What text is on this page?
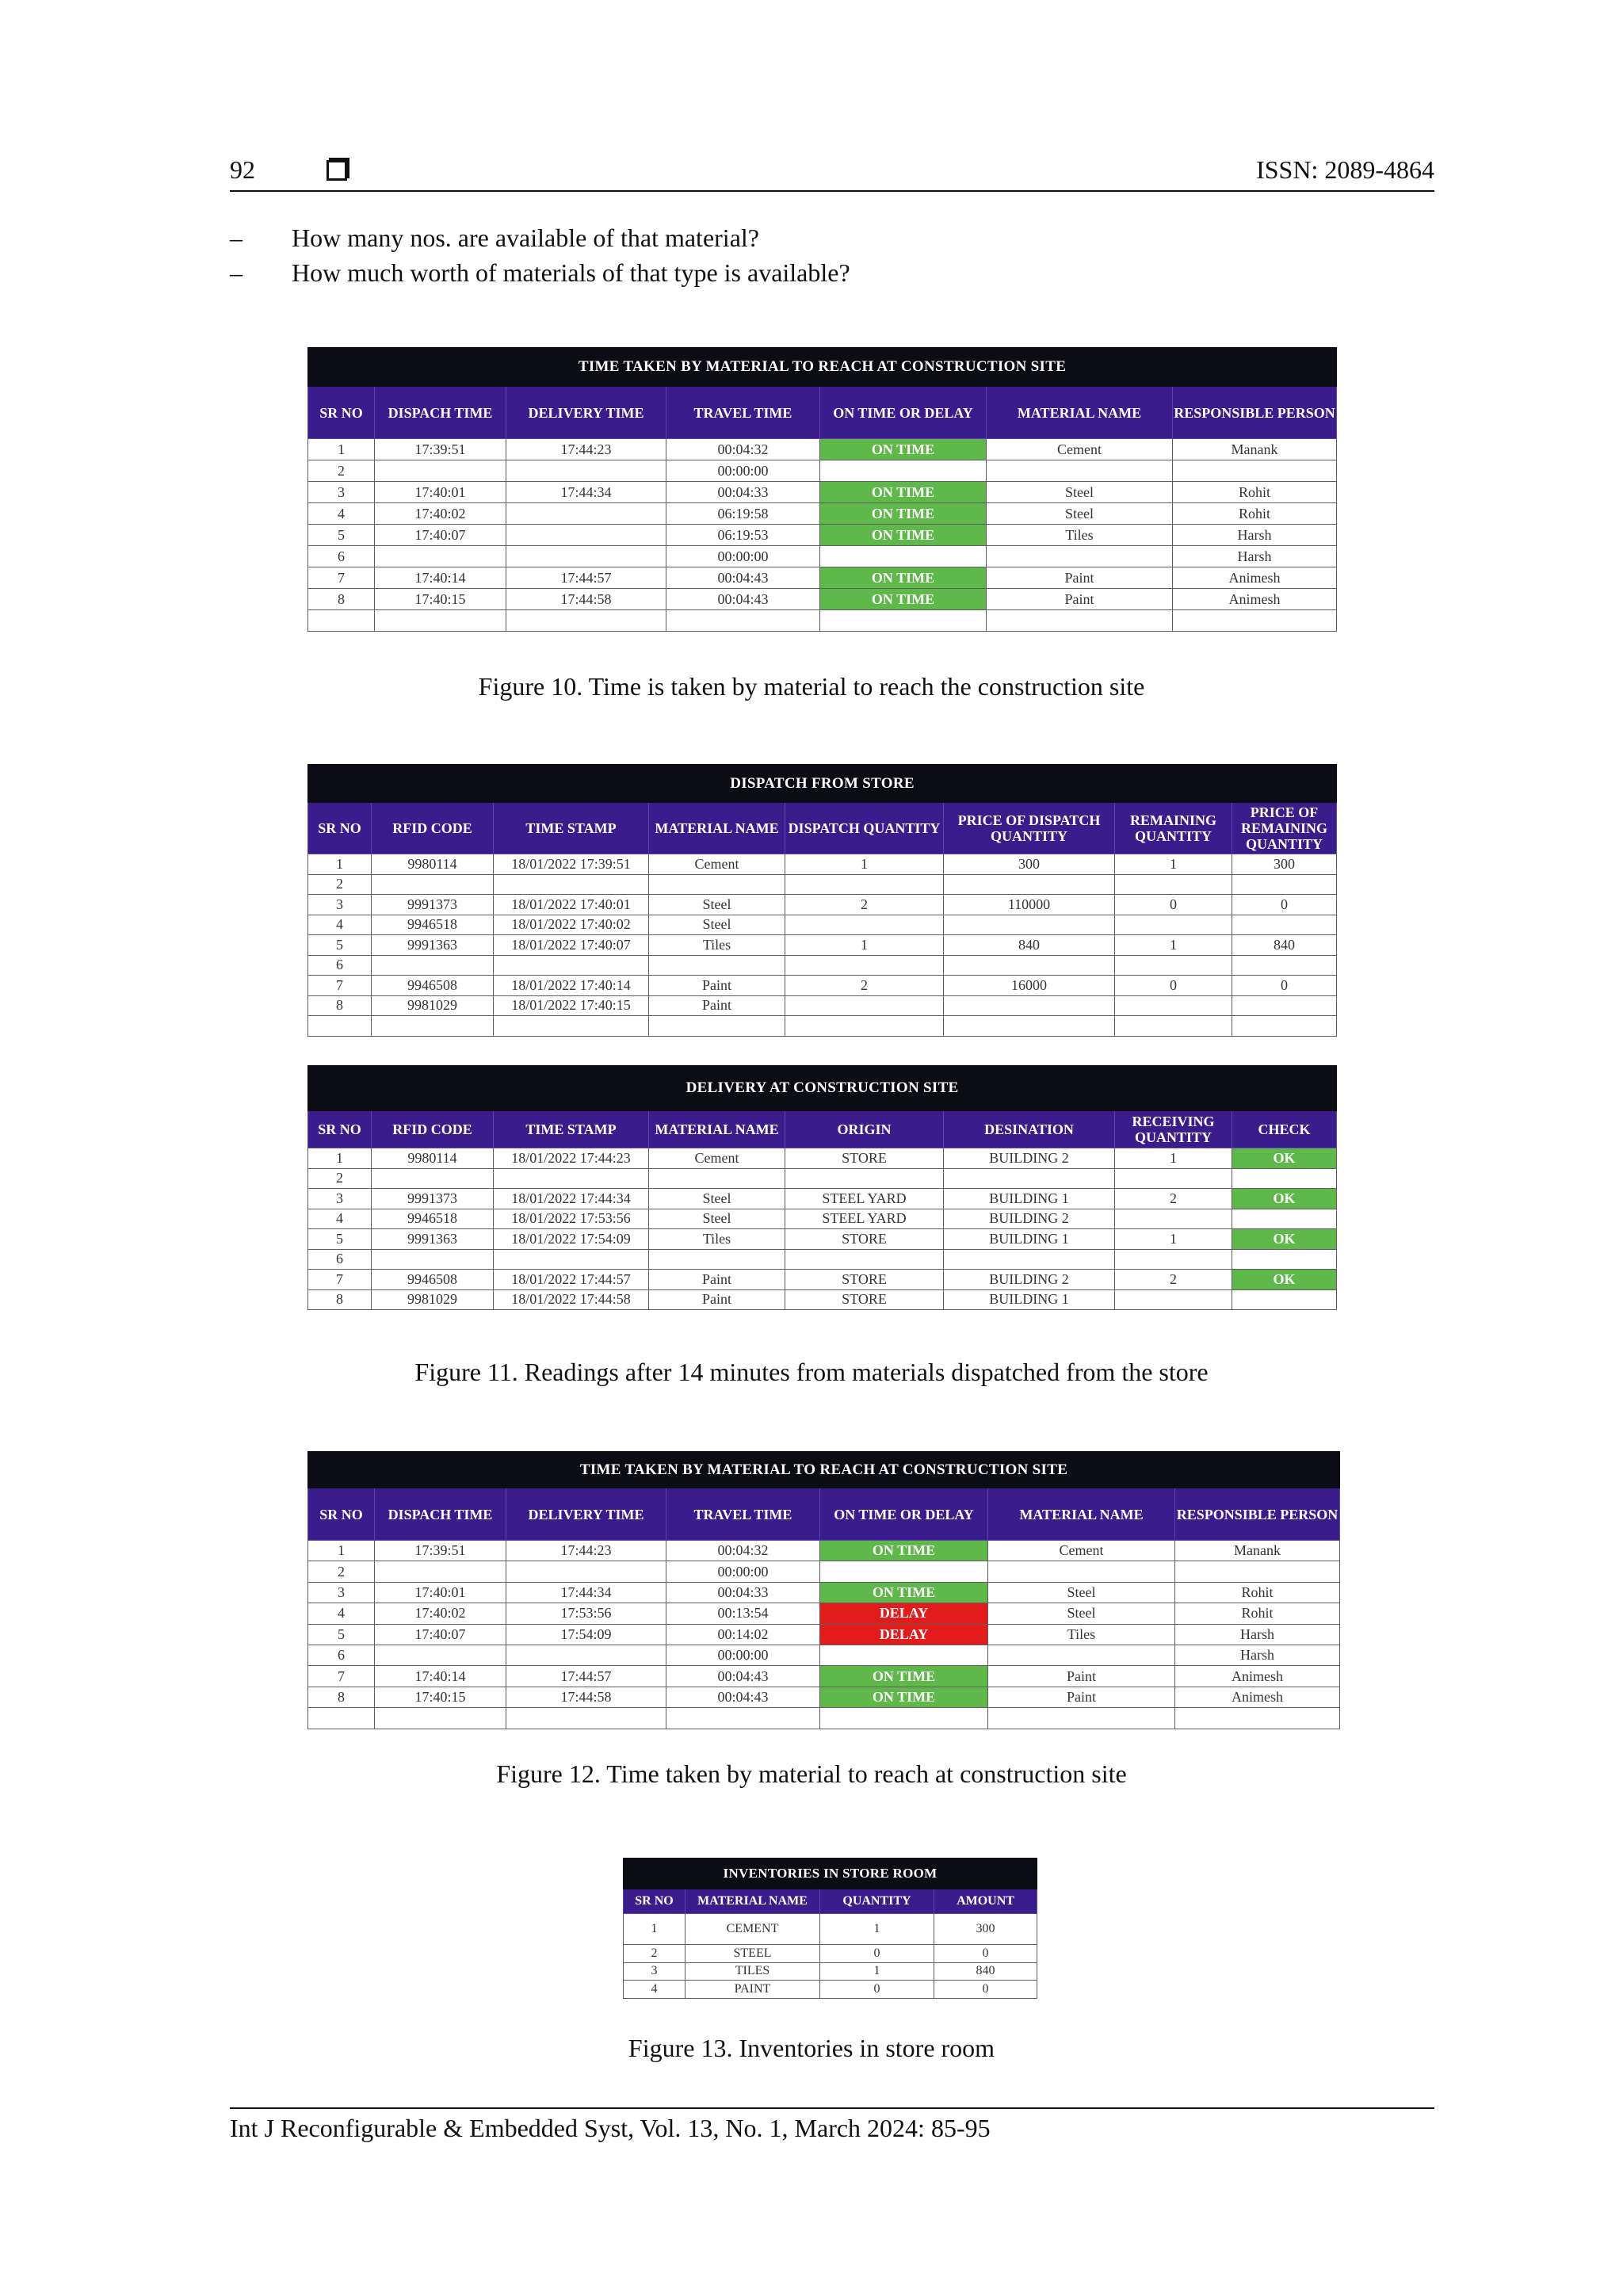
92	ISSN: 2089-4864
– How many nos. are available of that material?
– How much worth of materials of that type is available?
TIME TAKEN BY MATERIAL TO REACH AT CONSTRUCTION SITE						
SR NO	DISPACH TIME	DELIVERY TIME	TRAVEL TIME	ON TIME OR DELAY	MATERIAL NAME	RESPONSIBLE PERSON
1	17:39:51	17:44:23	00:04:32	ON TIME	Cement	Manank
2			00:00:00			
3	17:40:01	17:44:34	00:04:33	ON TIME	Steel	Rohit
4	17:40:02		06:19:58	ON TIME	Steel	Rohit
5	17:40:07		06:19:53	ON TIME	Tiles	Harsh
6			00:00:00			Harsh
7	17:40:14	17:44:57	00:04:43	ON TIME	Paint	Animesh
8	17:40:15	17:44:58	00:04:43	ON TIME	Paint	Animesh

Figure 10. Time is taken by material to reach the construction site
DISPATCH FROM STORE							
SR NO	RFID CODE	TIME STAMP	MATERIAL NAME	DISPATCH QUANTITY	PRICE OF DISPATCH QUANTITY	REMAINING QUANTITY	PRICE OF REMAINING QUANTITY
1	9980114	18/01/2022 17:39:51	Cement	1	300	1	300
2							
3	9991373	18/01/2022 17:40:01	Steel	2	110000	0	0
4	9946518	18/01/2022 17:40:02	Steel				
5	9991363	18/01/2022 17:40:07	Tiles	1	840	1	840
6							
7	9946508	18/01/2022 17:40:14	Paint	2	16000	0	0
8	9981029	18/01/2022 17:40:15	Paint				

DELIVERY AT CONSTRUCTION SITE							
SR NO	RFID CODE	TIME STAMP	MATERIAL NAME	ORIGIN	DESINATION	RECEIVING QUANTITY	CHECK
1	9980114	18/01/2022 17:44:23	Cement	STORE	BUILDING 2	1	OK
2							
3	9991373	18/01/2022 17:44:34	Steel	STEEL YARD	BUILDING 1	2	OK
4	9946518	18/01/2022 17:53:56	Steel	STEEL YARD	BUILDING 2		
5	9991363	18/01/2022 17:54:09	Tiles	STORE	BUILDING 1	1	OK
6							
7	9946508	18/01/2022 17:44:57	Paint	STORE	BUILDING 2	2	OK
8	9981029	18/01/2022 17:44:58	Paint	STORE	BUILDING 1		
Figure 11. Readings after 14 minutes from materials dispatched from the store
TIME TAKEN BY MATERIAL TO REACH AT CONSTRUCTION SITE						
SR NO	DISPACH TIME	DELIVERY TIME	TRAVEL TIME	ON TIME OR DELAY	MATERIAL NAME	RESPONSIBLE PERSON
1	17:39:51	17:44:23	00:04:32	ON TIME	Cement	Manank
2			00:00:00			
3	17:40:01	17:44:34	00:04:33	ON TIME	Steel	Rohit
4	17:40:02	17:53:56	00:13:54	DELAY	Steel	Rohit
5	17:40:07	17:54:09	00:14:02	DELAY	Tiles	Harsh
6			00:00:00			Harsh
7	17:40:14	17:44:57	00:04:43	ON TIME	Paint	Animesh
8	17:40:15	17:44:58	00:04:43	ON TIME	Paint	Animesh

Figure 12. Time taken by material to reach at construction site
INVENTORIES IN STORE ROOM			
SR NO	MATERIAL NAME	QUANTITY	AMOUNT
1	CEMENT	1	300
2	STEEL	0	0
3	TILES	1	840
4	PAINT	0	0
Figure 13. Inventories in store room
Int J Reconfigurable & Embedded Syst, Vol. 13, No. 1, March 2024: 85-95
